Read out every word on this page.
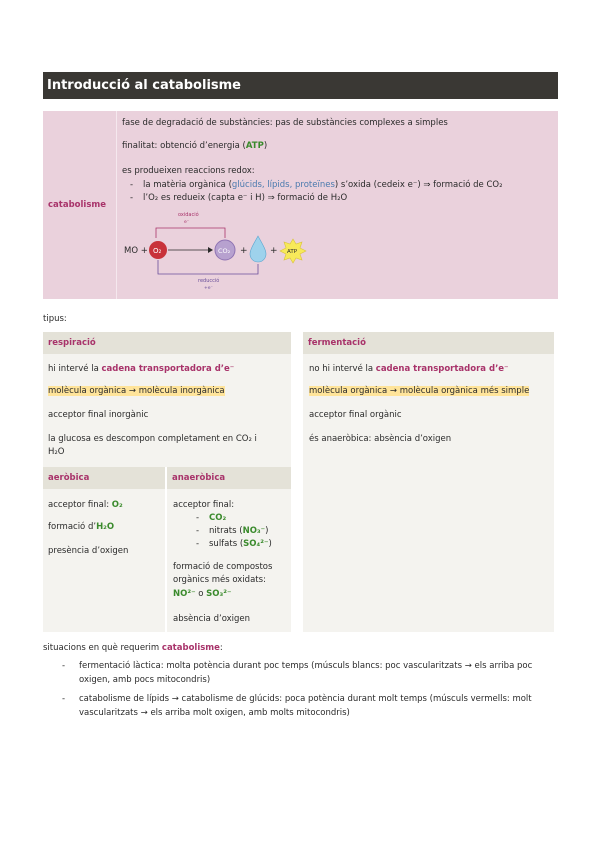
Introducció al catabolisme
catabolisme
fase de degradació de substàncies: pas de substàncies complexes a simples
finalitat: obtenció d’energia (ATP)
es produeixen reaccions redox:
- la matèria orgànica (glúcids, lípids, proteïnes) s’oxida (cedeix e⁻) ⇒ formació de CO₂
- l’O₂ es redueix (capta e⁻ i H) ⇒ formació de H₂O
oxidació
e⁻
MO + O₂	CO₂ + + ATP
reducció
+e⁻
tipus:
respiració
hi intervé la cadena transportadora d’e⁻
molècula orgànica → molècula inorgànica
acceptor final inorgànic
la glucosa es descompon completament en CO₂ i
H₂O
aeròbica	anaeròbica
acceptor final: O₂
formació d’H₂O
presència d’oxigen
acceptor final:
- CO₂
- nitrats (NO₃⁻)
- sulfats (SO₄²⁻)
formació de compostos
orgànics més oxidats:
NO²⁻ o SO₃²⁻
absència d’oxigen
fermentació
no hi intervé la cadena transportadora d’e⁻
molècula orgànica → molècula orgànica més simple
acceptor final orgànic
és anaeròbica: absència d’oxigen
situacions en què requerim catabolisme:
- fermentació làctica: molta potència durant poc temps (músculs blancs: poc vascularitzats → els arriba poc oxigen, amb pocs mitocondris)
- catabolisme de lípids → catabolisme de glúcids: poca potència durant molt temps (músculs vermells: molt vascularitzats → els arriba molt oxigen, amb molts mitocondris)
